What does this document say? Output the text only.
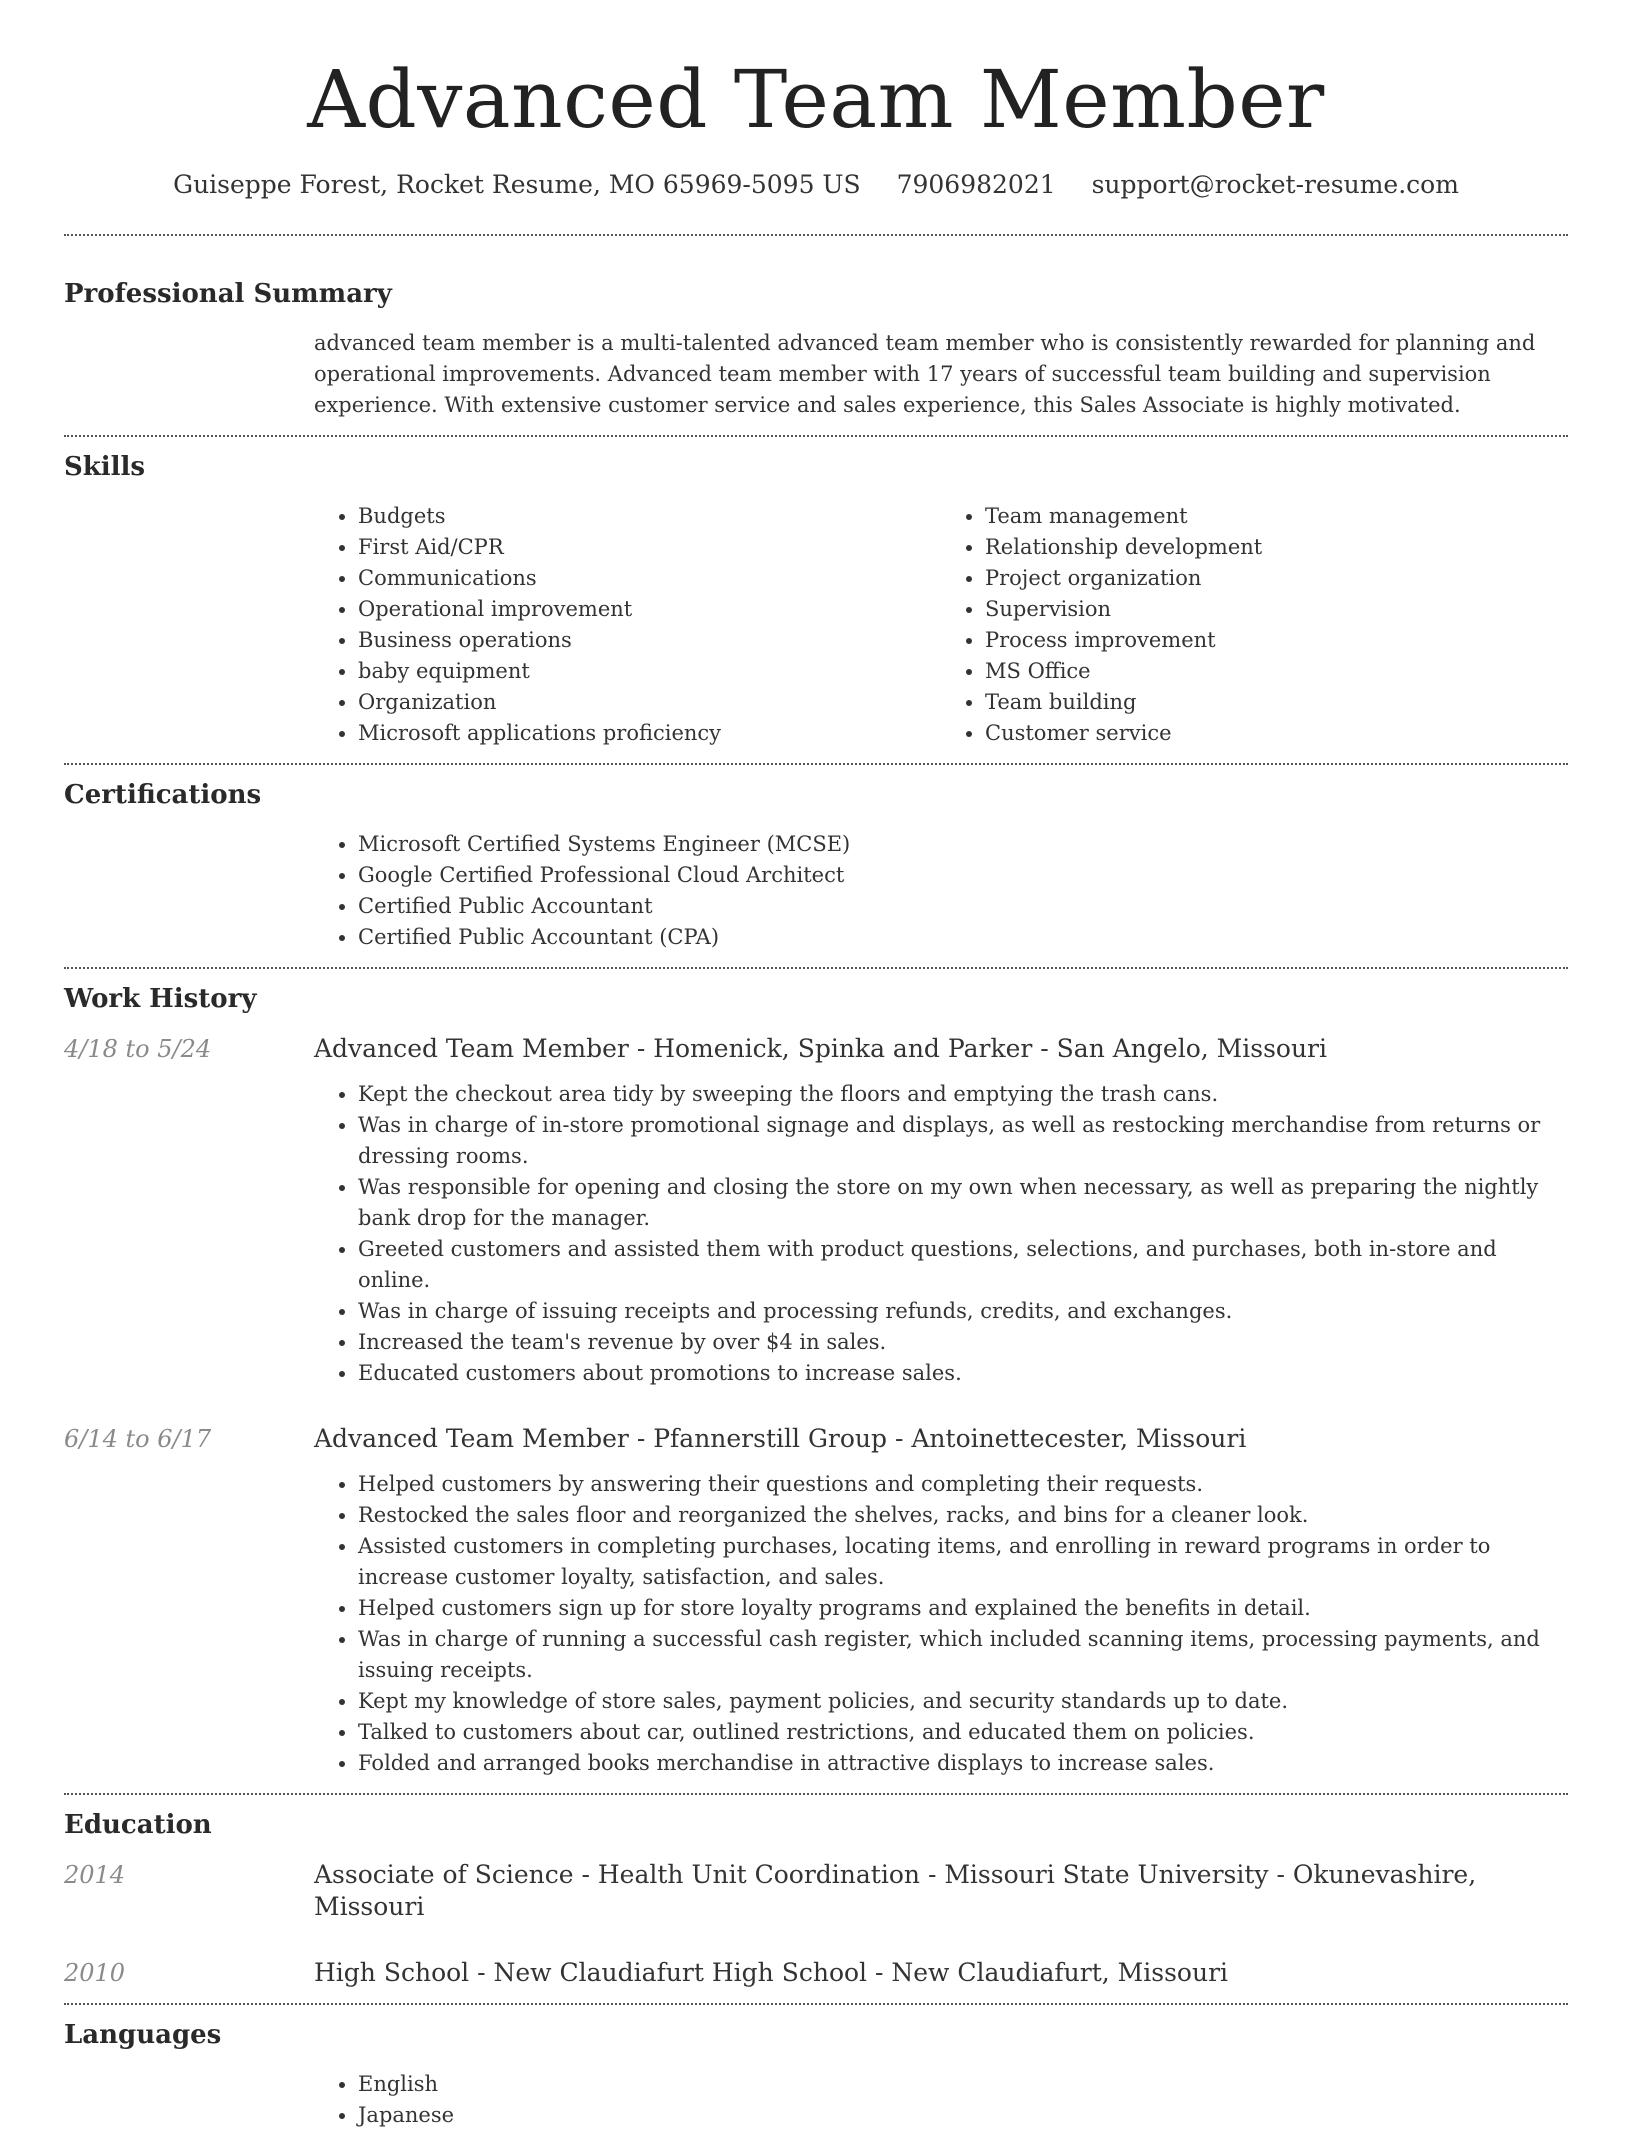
Advanced Team Member
Guiseppe Forest, Rocket Resume, MO 65969-5095 US 7906982021 support@rocket-resume.com
Professional Summary

advanced team member is a multi-talented advanced team member who is consistently rewarded for planning and operational improvements. Advanced team member with 17 years of successful team building and supervision experience. With extensive customer service and sales experience, this Sales Associate is highly motivated.

Skills
• Budgets
• First Aid/CPR
• Communications
• Operational improvement
• Business operations
• baby equipment
• Organization
• Microsoft applications proficiency
• Team management
• Relationship development
• Project organization
• Supervision
• Process improvement
• MS Office
• Team building
• Customer service
Certifications
• Microsoft Certified Systems Engineer (MCSE)
• Google Certified Professional Cloud Architect
• Certified Public Accountant
• Certified Public Accountant (CPA)
Work History
4/18 to 5/24	Advanced Team Member - Homenick, Spinka and Parker - San Angelo, Missouri
• Kept the checkout area tidy by sweeping the floors and emptying the trash cans.
• Was in charge of in-store promotional signage and displays, as well as restocking merchandise from returns or dressing rooms.
• Was responsible for opening and closing the store on my own when necessary, as well as preparing the nightly bank drop for the manager.
• Greeted customers and assisted them with product questions, selections, and purchases, both in-store and online.
• Was in charge of issuing receipts and processing refunds, credits, and exchanges.
• Increased the team's revenue by over $4 in sales.
• Educated customers about promotions to increase sales.
6/14 to 6/17	Advanced Team Member - Pfannerstill Group - Antoinettecester, Missouri
• Helped customers by answering their questions and completing their requests.
• Restocked the sales floor and reorganized the shelves, racks, and bins for a cleaner look.
• Assisted customers in completing purchases, locating items, and enrolling in reward programs in order to increase customer loyalty, satisfaction, and sales.
• Helped customers sign up for store loyalty programs and explained the benefits in detail.
• Was in charge of running a successful cash register, which included scanning items, processing payments, and issuing receipts.
• Kept my knowledge of store sales, payment policies, and security standards up to date.
• Talked to customers about car, outlined restrictions, and educated them on policies.
• Folded and arranged books merchandise in attractive displays to increase sales.
Education
2014	Associate of Science - Health Unit Coordination - Missouri State University - Okunevashire, Missouri
2010	High School - New Claudiafurt High School - New Claudiafurt, Missouri
Languages
• English
• Japanese
